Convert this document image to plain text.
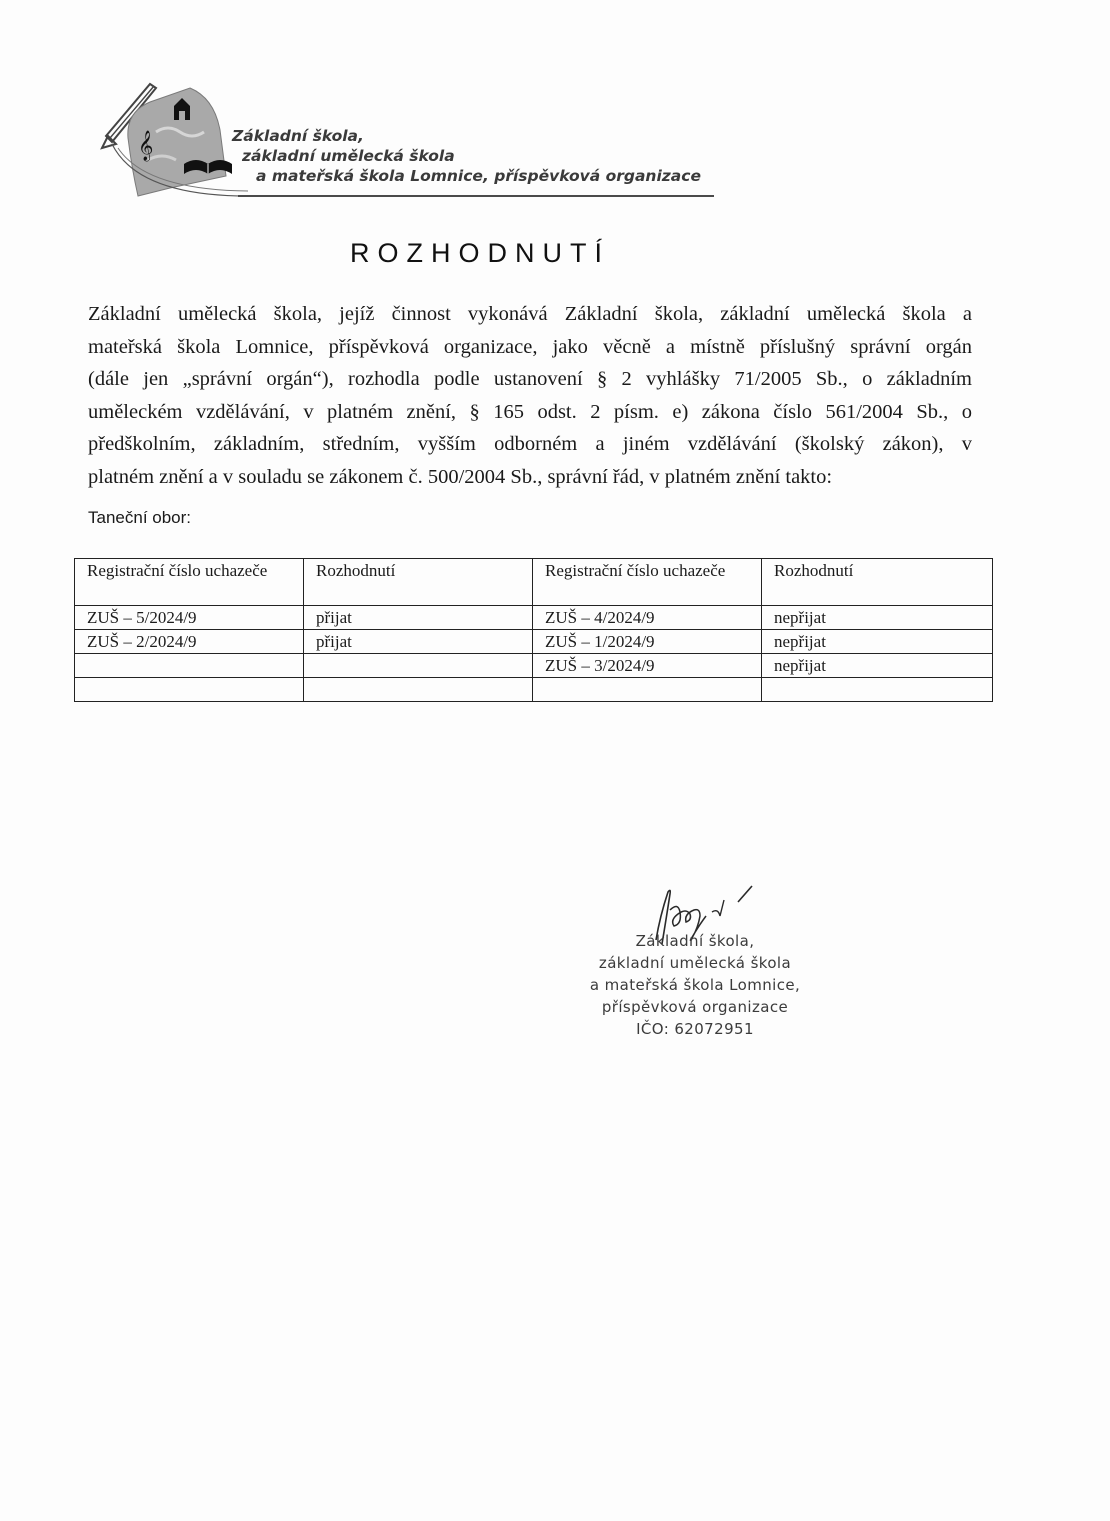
𝄞	Základní škola,
základní umělecká škola
a mateřská škola Lomnice, příspěvková organizace
ROZHODNUTÍ

Základní umělecká škola, jejíž činnost vykonává Základní škola, základní umělecká škola a
mateřská škola Lomnice, příspěvková organizace, jako věcně a místně příslušný správní orgán
(dále jen „správní orgán“), rozhodla podle ustanovení § 2 vyhlášky 71/2005 Sb., o základním
uměleckém vzdělávání, v platném znění, § 165 odst. 2 písm. e) zákona číslo 561/2004 Sb., o
předškolním, základním, středním, vyšším odborném a jiném vzdělávání (školský zákon), v
platném znění a v souladu se zákonem č. 500/2004 Sb., správní řád, v platném znění takto:

Taneční obor:
Registrační číslo uchazeče	Rozhodnutí	Registrační číslo uchazeče	Rozhodnutí
ZUŠ – 5/2024/9	přijat	ZUŠ – 4/2024/9	nepřijat
ZUŠ – 2/2024/9	přijat	ZUŠ – 1/2024/9	nepřijat
		ZUŠ – 3/2024/9	nepřijat

Základní škola,
základní umělecká škola
a mateřská škola Lomnice,
příspěvková organizace
IČO: 62072951
